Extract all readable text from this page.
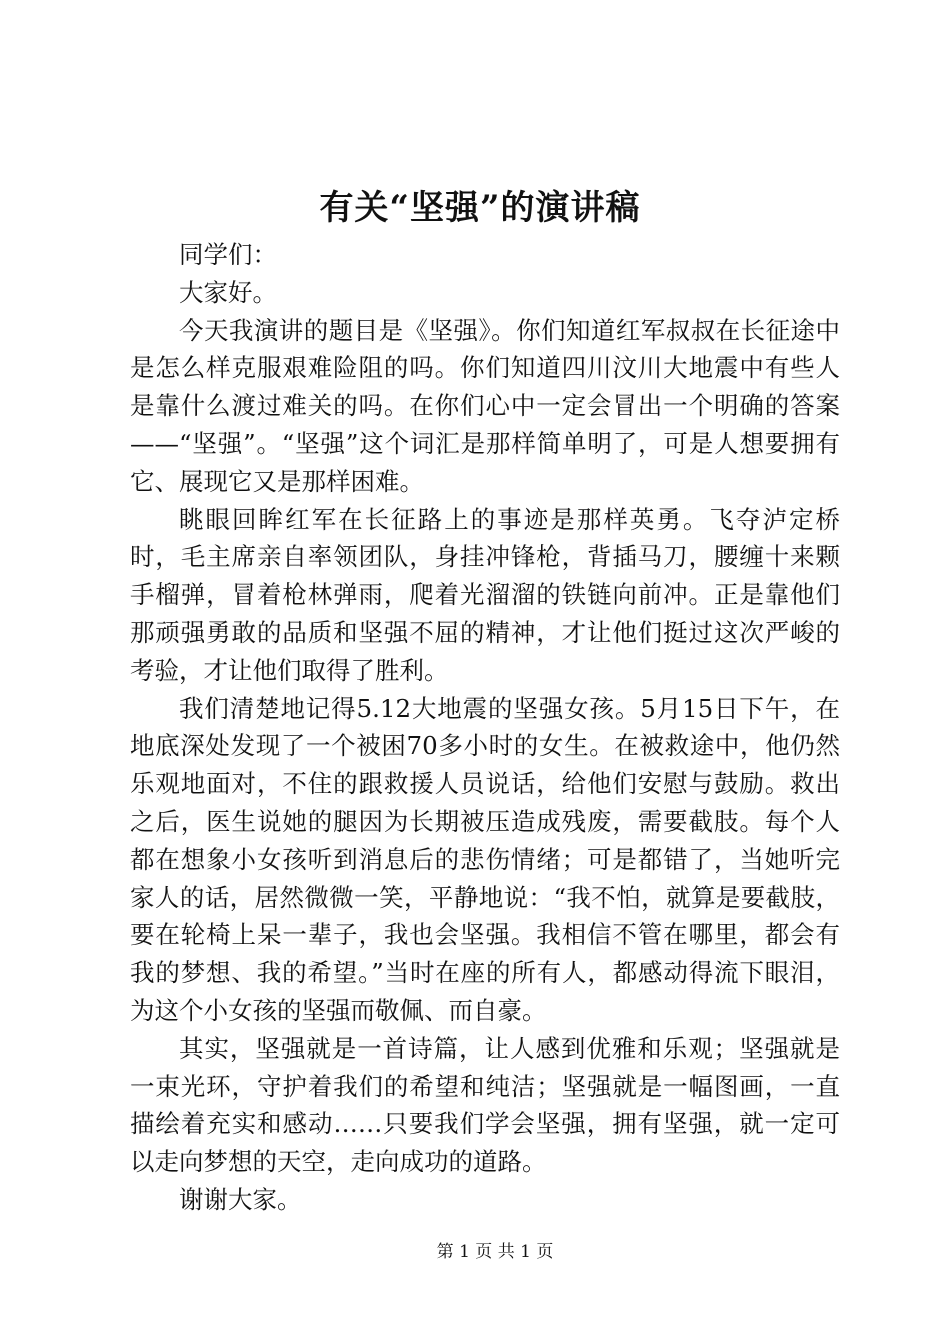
有关“坚强”的演讲稿

同学们：

大家好。

今天我演讲的题目是《坚强》。你们知道红军叔叔在长征途中是怎么样克服艰难险阻的吗。你们知道四川汶川大地震中有些人是靠什么渡过难关的吗。在你们心中一定会冒出一个明确的答案——“坚强”。“坚强”这个词汇是那样简单明了，可是人想要拥有它、展现它又是那样困难。

眺眼回眸红军在长征路上的事迹是那样英勇。飞夺泸定桥时，毛主席亲自率领团队，身挂冲锋枪，背插马刀，腰缠十来颗手榴弹，冒着枪林弹雨，爬着光溜溜的铁链向前冲。正是靠他们那顽强勇敢的品质和坚强不屈的精神，才让他们挺过这次严峻的考验，才让他们取得了胜利。

我们清楚地记得5.12大地震的坚强女孩。5月15日下午，在地底深处发现了一个被困70多小时的女生。在被救途中，他仍然乐观地面对，不住的跟救援人员说话，给他们安慰与鼓励。救出之后，医生说她的腿因为长期被压造成残废，需要截肢。每个人都在想象小女孩听到消息后的悲伤情绪；可是都错了，当她听完家人的话，居然微微一笑，平静地说：“我不怕，就算是要截肢，要在轮椅上呆一辈子，我也会坚强。我相信不管在哪里，都会有我的梦想、我的希望。”当时在座的所有人，都感动得流下眼泪，为这个小女孩的坚强而敬佩、而自豪。

其实，坚强就是一首诗篇，让人感到优雅和乐观；坚强就是一束光环，守护着我们的希望和纯洁；坚强就是一幅图画，一直描绘着充实和感动……只要我们学会坚强，拥有坚强，就一定可以走向梦想的天空，走向成功的道路。

谢谢大家。

第 1 页 共 1 页
